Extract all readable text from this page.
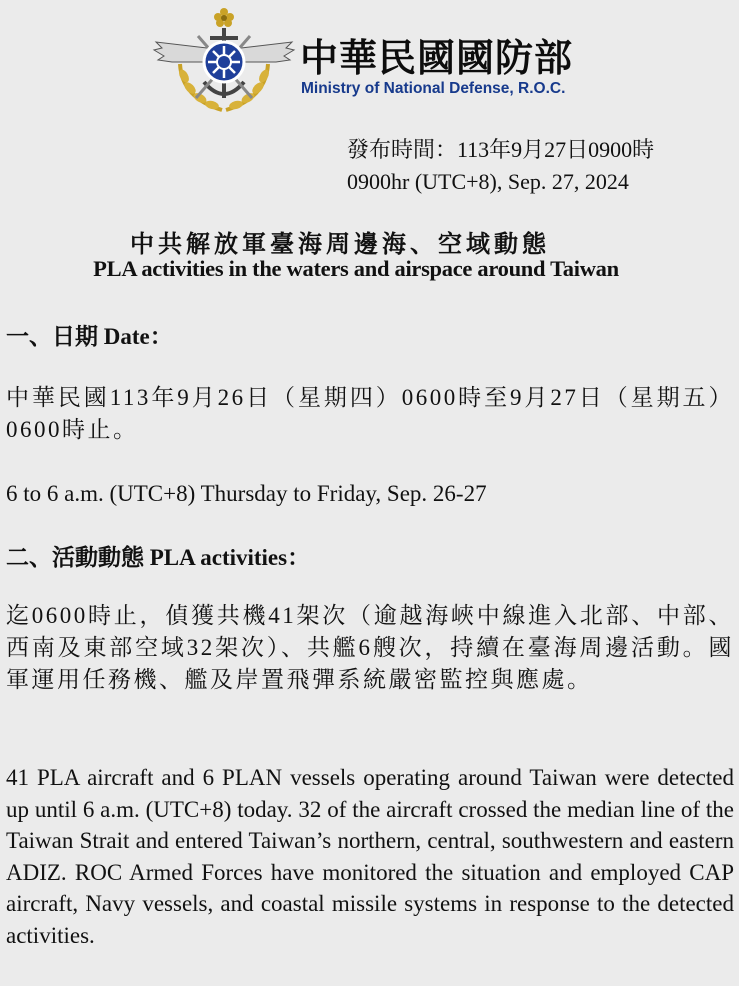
中華民國國防部
Ministry of National Defense, R.O.C.
發布時間：113年9月27日0900時
0900hr (UTC+8), Sep. 27, 2024
中共解放軍臺海周邊海、空域動態
PLA activities in the waters and airspace around Taiwan
一、日期 Date：
中華民國113年9月26日（星期四）0600時至9月27日（星期五）0600時止。
6 to 6 a.m. (UTC+8) Thursday to Friday, Sep. 26-27
二、活動動態 PLA activities：
迄0600時止，偵獲共機41架次（逾越海峽中線進入北部、中部、西南及東部空域32架次）、共艦6艘次，持續在臺海周邊活動。國軍運用任務機、艦及岸置飛彈系統嚴密監控與應處。
41 PLA aircraft and 6 PLAN vessels operating around Taiwan were detected up until 6 a.m. (UTC+8) today. 32 of the aircraft crossed the median line of the Taiwan Strait and entered Taiwan’s northern, central, southwestern and eastern ADIZ. ROC Armed Forces have monitored the situation and employed CAP aircraft, Navy vessels, and coastal missile systems in response to the detected activities.
